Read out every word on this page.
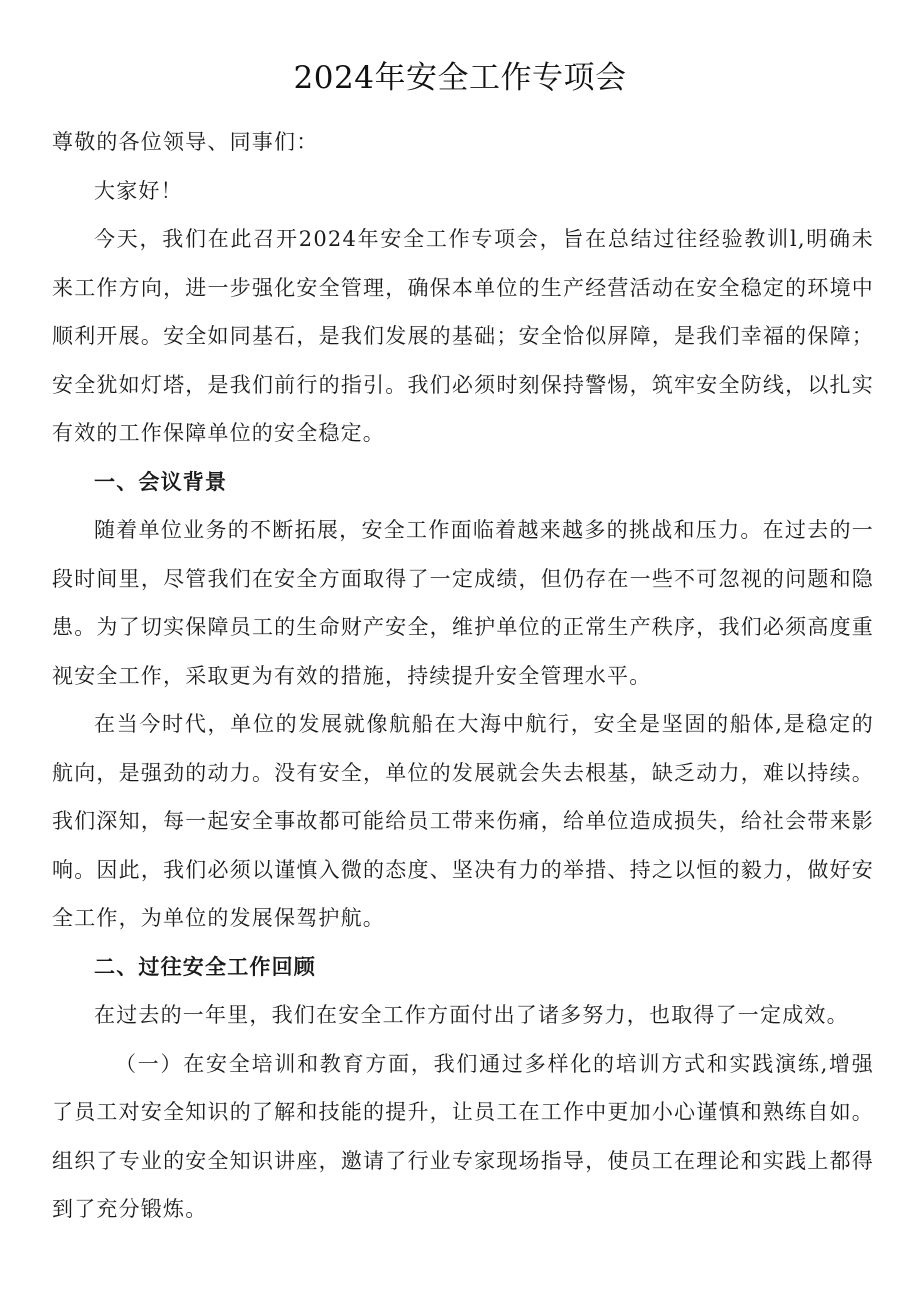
2024年安全工作专项会

尊敬的各位领导、同事们：

大家好！

今天，我们在此召开2024年安全工作专项会，旨在总结过往经验教训l,明确未来工作方向，进一步强化安全管理，确保本单位的生产经营活动在安全稳定的环境中顺利开展。安全如同基石，是我们发展的基础；安全恰似屏障，是我们幸福的保障；安全犹如灯塔，是我们前行的指引。我们必须时刻保持警惕，筑牢安全防线，以扎实有效的工作保障单位的安全稳定。

一、会议背景

随着单位业务的不断拓展，安全工作面临着越来越多的挑战和压力。在过去的一段时间里，尽管我们在安全方面取得了一定成绩，但仍存在一些不可忽视的问题和隐患。为了切实保障员工的生命财产安全，维护单位的正常生产秩序，我们必须高度重视安全工作，采取更为有效的措施，持续提升安全管理水平。

在当今时代，单位的发展就像航船在大海中航行，安全是坚固的船体,是稳定的航向，是强劲的动力。没有安全，单位的发展就会失去根基，缺乏动力，难以持续。我们深知，每一起安全事故都可能给员工带来伤痛，给单位造成损失，给社会带来影响。因此，我们必须以谨慎入微的态度、坚决有力的举措、持之以恒的毅力，做好安全工作，为单位的发展保驾护航。

二、过往安全工作回顾

在过去的一年里，我们在安全工作方面付出了诸多努力，也取得了一定成效。

（一）在安全培训和教育方面，我们通过多样化的培训方式和实践演练,增强了员工对安全知识的了解和技能的提升，让员工在工作中更加小心谨慎和熟练自如。组织了专业的安全知识讲座，邀请了行业专家现场指导，使员工在理论和实践上都得到了充分锻炼。
